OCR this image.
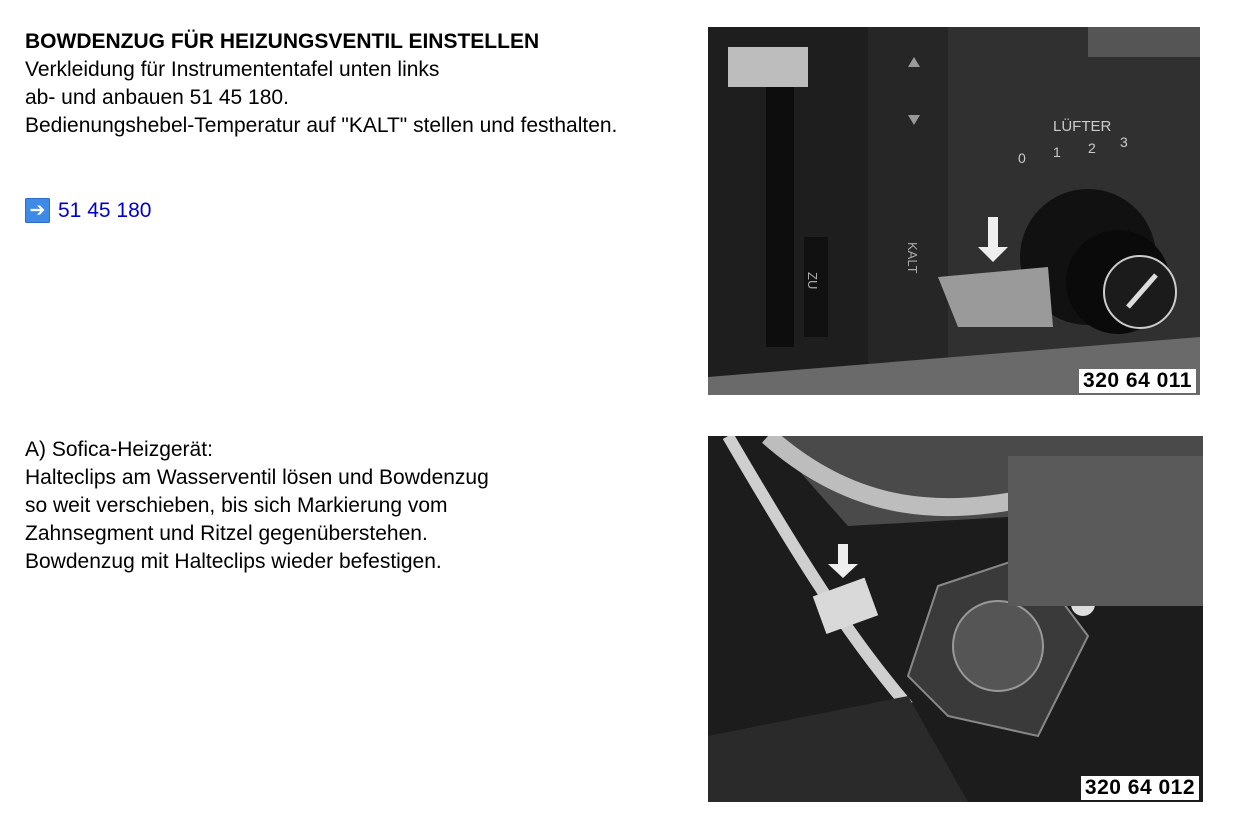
BOWDENZUG FÜR HEIZUNGSVENTIL EINSTELLEN
Verkleidung für Instrumententafel unten links
ab- und anbauen 51 45 180.
Bedienungshebel-Temperatur auf "KALT" stellen und festhalten.
➔ 51 45 180
KALT
ZU
LÜFTER
0 1 2 3
320 64 011
A) Sofica-Heizgerät:
Halteclips am Wasserventil lösen und Bowdenzug
so weit verschieben, bis sich Markierung vom
Zahnsegment und Ritzel gegenüberstehen.
Bowdenzug mit Halteclips wieder befestigen.
320 64 012
